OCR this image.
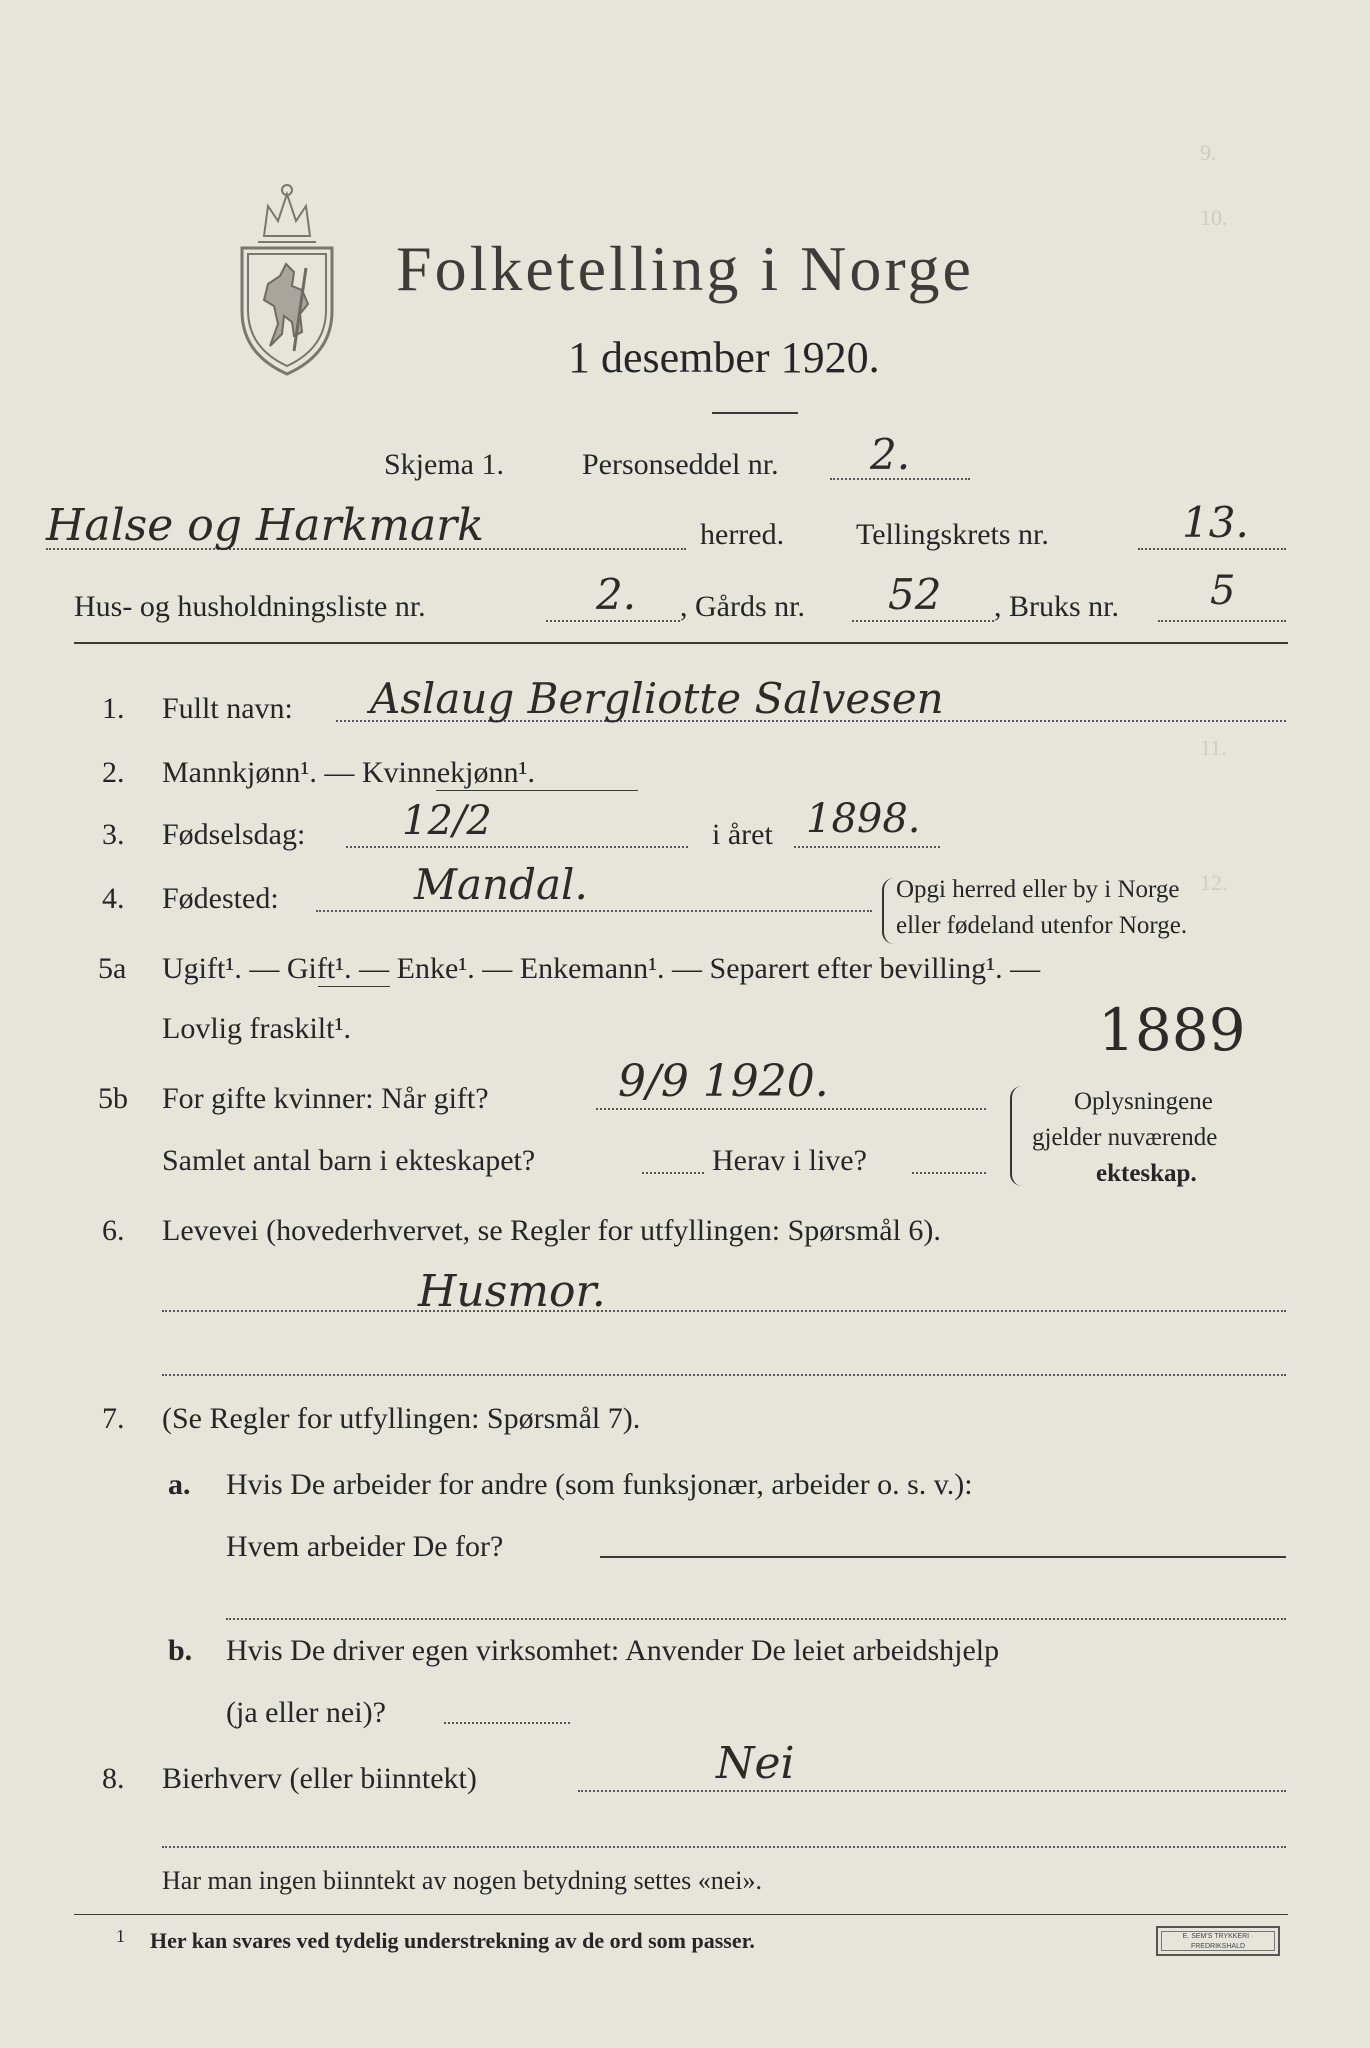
9.
10.
11.
12.
Folketelling i Norge
1 desember 1920.
Skjema 1.	Personseddel nr. 2.
Halse og Harkmark	herred. Tellingskrets nr.	13.
Hus- og husholdningsliste nr.	2. , Gårds nr. 52 , Bruks nr. 5
1. Fullt navn: Aslaug Bergliotte Salvesen
2. Mannkjønn¹. — Kvinnekjønn¹.
3. Fødselsdag: 12/2	i året 1898.
4. Fødested:	Mandal.	Opgi herred eller by i Norge
eller fødeland utenfor Norge.
5a Ugift¹. — Gift¹. — Enke¹. — Enkemann¹. — Separert efter bevilling¹. —
Lovlig fraskilt¹.	1889
5b For gifte kvinner: Når gift?	9/9 1920.
Samlet antal barn i ekteskapet?	Herav i live?
Oplysningene
gjelder nuværende
ekteskap.
6. Levevei (hovederhvervet, se Regler for utfyllingen: Spørsmål 6).
Husmor.
7. (Se Regler for utfyllingen: Spørsmål 7).
a. Hvis De arbeider for andre (som funksjonær, arbeider o. s. v.):
Hvem arbeider De for?
b. Hvis De driver egen virksomhet: Anvender De leiet arbeidshjelp
(ja eller nei)?
8. Bierhverv (eller biinntekt)	Nei
Har man ingen biinntekt av nogen betydning settes «nei».
1 Her kan svares ved tydelig understrekning av de ord som passer.	E. SEM'S TRYKKERI · FREDRIKSHALD
